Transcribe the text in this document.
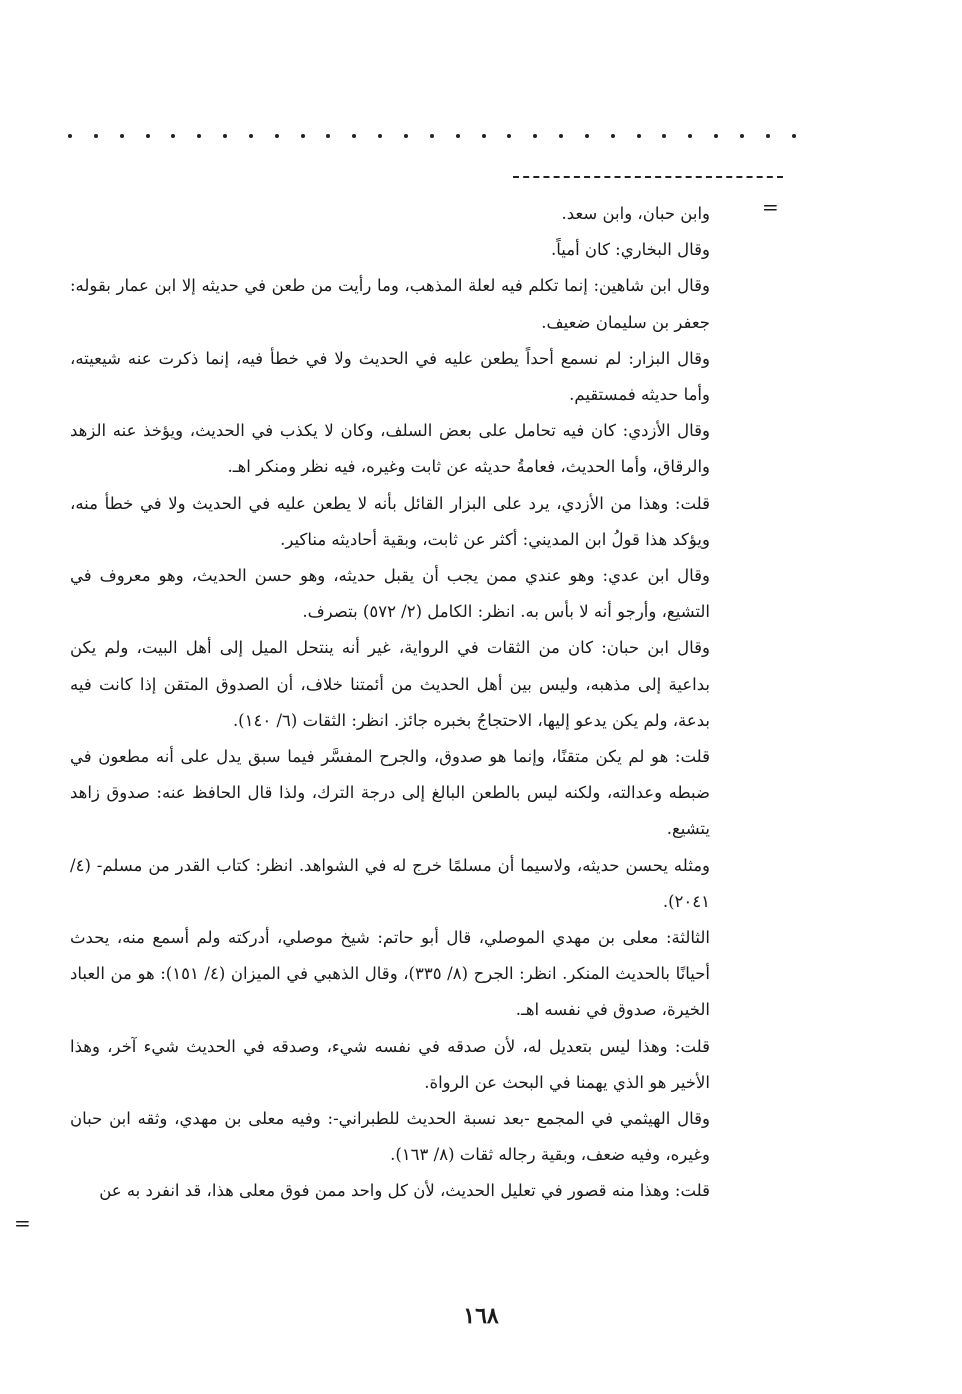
=

وابن حبان، وابن سعد.

وقال البخاري: كان أمياً.

وقال ابن شاهين: إنما تكلم فيه لعلة المذهب، وما رأيت من طعن في حديثه إلا ابن عمار بقوله: جعفر بن سليمان ضعيف.

وقال البزار: لم نسمع أحداً يطعن عليه في الحديث ولا في خطأ فيه، إنما ذكرت عنه شيعيته، وأما حديثه فمستقيم.

وقال الأزدي: كان فيه تحامل على بعض السلف، وكان لا يكذب في الحديث، ويؤخذ عنه الزهد والرقاق، وأما الحديث، فعامةُ حديثه عن ثابت وغيره، فيه نظر ومنكر اهـ.

قلت: وهذا من الأزدي، يرد على البزار القائل بأنه لا يطعن عليه في الحديث ولا في خطأ منه، ويؤكد هذا قولُ ابن المديني: أكثر عن ثابت، وبقية أحاديثه مناكير.

وقال ابن عدي: وهو عندي ممن يجب أن يقبل حديثه، وهو حسن الحديث، وهو معروف في التشيع، وأرجو أنه لا بأس به. انظر: الكامل (٢/ ٥٧٢) بتصرف.

وقال ابن حبان: كان من الثقات في الرواية، غير أنه ينتحل الميل إلى أهل البيت، ولم يكن بداعية إلى مذهبه، وليس بين أهل الحديث من أئمتنا خلاف، أن الصدوق المتقن إذا كانت فيه بدعة، ولم يكن يدعو إليها، الاحتجاجُ بخبره جائز. انظر: الثقات (٦/ ١٤٠).

قلت: هو لم يكن متقنًا، وإنما هو صدوق، والجرح المفسَّر فيما سبق يدل على أنه مطعون في ضبطه وعدالته، ولكنه ليس بالطعن البالغ إلى درجة الترك، ولذا قال الحافظ عنه: صدوق زاهد يتشيع.

ومثله يحسن حديثه، ولاسيما أن مسلمًا خرج له في الشواهد. انظر: كتاب القدر من مسلم- (٤/ ٢٠٤١).

الثالثة: معلى بن مهدي الموصلي، قال أبو حاتم: شيخ موصلي، أدركته ولم أسمع منه، يحدث أحيانًا بالحديث المنكر. انظر: الجرح (٨/ ٣٣٥)، وقال الذهبي في الميزان (٤/ ١٥١): هو من العباد الخيرة، صدوق في نفسه اهـ.

قلت: وهذا ليس بتعديل له، لأن صدقه في نفسه شيء، وصدقه في الحديث شيء آخر، وهذا الأخير هو الذي يهمنا في البحث عن الرواة.

وقال الهيثمي في المجمع -بعد نسبة الحديث للطبراني-: وفيه معلى بن مهدي، وثقه ابن حبان وغيره، وفيه ضعف، وبقية رجاله ثقات (٨/ ١٦٣).

قلت: وهذا منه قصور في تعليل الحديث، لأن كل واحد ممن فوق معلى هذا، قد انفرد به عن

=
١٦٨
